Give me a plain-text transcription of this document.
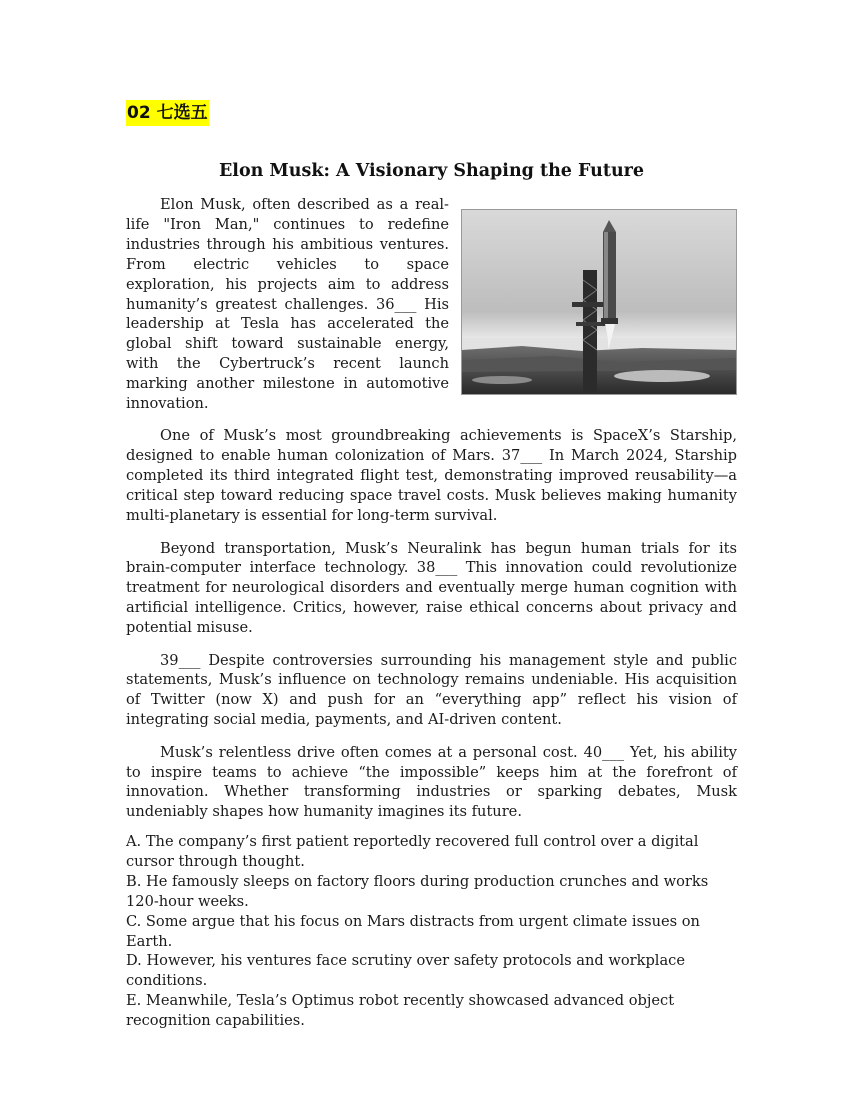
02 七选五
Elon Musk: A Visionary Shaping the Future

Elon Musk, often described as a real-life "Iron Man," continues to redefine industries through his ambitious ventures. From electric vehicles to space exploration, his projects aim to address humanity’s greatest challenges. 36___ His leadership at Tesla has accelerated the global shift toward sustainable energy, with the Cybertruck’s recent launch marking another milestone in automotive innovation.

One of Musk’s most groundbreaking achievements is SpaceX’s Starship, designed to enable human colonization of Mars. 37___ In March 2024, Starship completed its third integrated flight test, demonstrating improved reusability—a critical step toward reducing space travel costs. Musk believes making humanity multi-planetary is essential for long-term survival.

Beyond transportation, Musk’s Neuralink has begun human trials for its brain-computer interface technology. 38___ This innovation could revolutionize treatment for neurological disorders and eventually merge human cognition with artificial intelligence. Critics, however, raise ethical concerns about privacy and potential misuse.

39___ Despite controversies surrounding his management style and public statements, Musk’s influence on technology remains undeniable. His acquisition of Twitter (now X) and push for an “everything app” reflect his vision of integrating social media, payments, and AI-driven content.

Musk’s relentless drive often comes at a personal cost. 40___ Yet, his ability to inspire teams to achieve “the impossible” keeps him at the forefront of innovation. Whether transforming industries or sparking debates, Musk undeniably shapes how humanity imagines its future.

A. The company’s first patient reportedly recovered full control over a digital cursor through thought.
B. He famously sleeps on factory floors during production crunches and works 120-hour weeks.
C. Some argue that his focus on Mars distracts from urgent climate issues on Earth.
D. However, his ventures face scrutiny over safety protocols and workplace conditions.
E. Meanwhile, Tesla’s Optimus robot recently showcased advanced object recognition capabilities.
